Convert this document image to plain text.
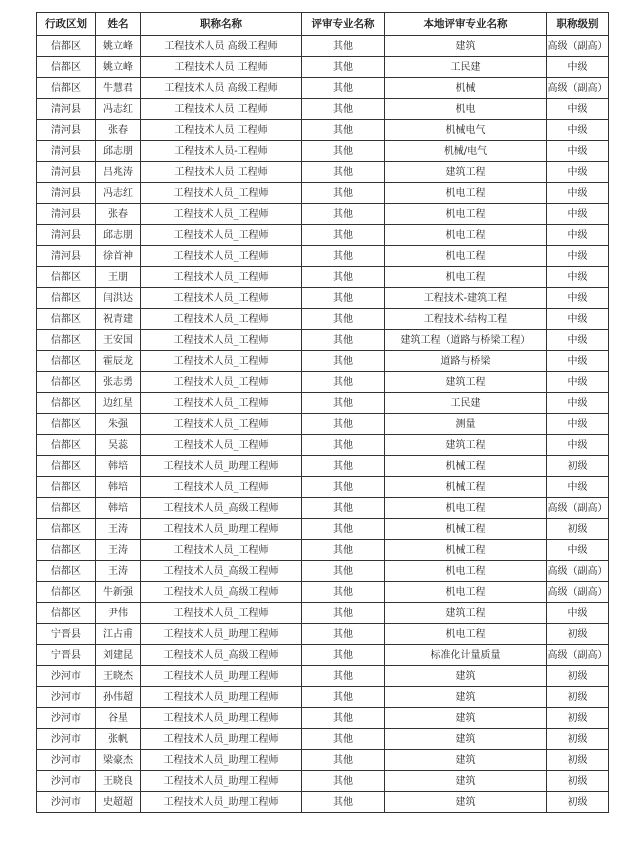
行政区划	姓名	职称名称	评审专业名称	本地评审专业名称	职称级别
信都区	姚立峰	工程技术人员 高级工程师	其他	建筑	高级（副高）
信都区	姚立峰	工程技术人员 工程师	其他	工民建	中级
信都区	牛慧君	工程技术人员 高级工程师	其他	机械	高级（副高）
清河县	冯志红	工程技术人员 工程师	其他	机电	中级
清河县	张春	工程技术人员 工程师	其他	机械电气	中级
清河县	邱志朋	工程技术人员-工程师	其他	机械/电气	中级
清河县	吕兆涛	工程技术人员 工程师	其他	建筑工程	中级
清河县	冯志红	工程技术人员_工程师	其他	机电工程	中级
清河县	张春	工程技术人员_工程师	其他	机电工程	中级
清河县	邱志朋	工程技术人员_工程师	其他	机电工程	中级
清河县	徐首神	工程技术人员_工程师	其他	机电工程	中级
信都区	王朋	工程技术人员_工程师	其他	机电工程	中级
信都区	闫洪达	工程技术人员_工程师	其他	工程技术-建筑工程	中级
信都区	祝青建	工程技术人员_工程师	其他	工程技术-结构工程	中级
信都区	王安国	工程技术人员_工程师	其他	建筑工程（道路与桥梁工程）	中级
信都区	霍辰龙	工程技术人员_工程师	其他	道路与桥梁	中级
信都区	张志勇	工程技术人员_工程师	其他	建筑工程	中级
信都区	边红星	工程技术人员_工程师	其他	工民建	中级
信都区	朱强	工程技术人员_工程师	其他	测量	中级
信都区	吴蕊	工程技术人员_工程师	其他	建筑工程	中级
信都区	韩培	工程技术人员_助理工程师	其他	机械工程	初级
信都区	韩培	工程技术人员_工程师	其他	机械工程	中级
信都区	韩培	工程技术人员_高级工程师	其他	机电工程	高级（副高）
信都区	王涛	工程技术人员_助理工程师	其他	机械工程	初级
信都区	王涛	工程技术人员_工程师	其他	机械工程	中级
信都区	王涛	工程技术人员_高级工程师	其他	机电工程	高级（副高）
信都区	牛新强	工程技术人员_高级工程师	其他	机电工程	高级（副高）
信都区	尹伟	工程技术人员_工程师	其他	建筑工程	中级
宁晋县	江占甫	工程技术人员_助理工程师	其他	机电工程	初级
宁晋县	刘建昆	工程技术人员_高级工程师	其他	标准化计量质量	高级（副高）
沙河市	王晓杰	工程技术人员_助理工程师	其他	建筑	初级
沙河市	孙伟超	工程技术人员_助理工程师	其他	建筑	初级
沙河市	谷星	工程技术人员_助理工程师	其他	建筑	初级
沙河市	张帆	工程技术人员_助理工程师	其他	建筑	初级
沙河市	梁豪杰	工程技术人员_助理工程师	其他	建筑	初级
沙河市	王晓良	工程技术人员_助理工程师	其他	建筑	初级
沙河市	史超超	工程技术人员_助理工程师	其他	建筑	初级
